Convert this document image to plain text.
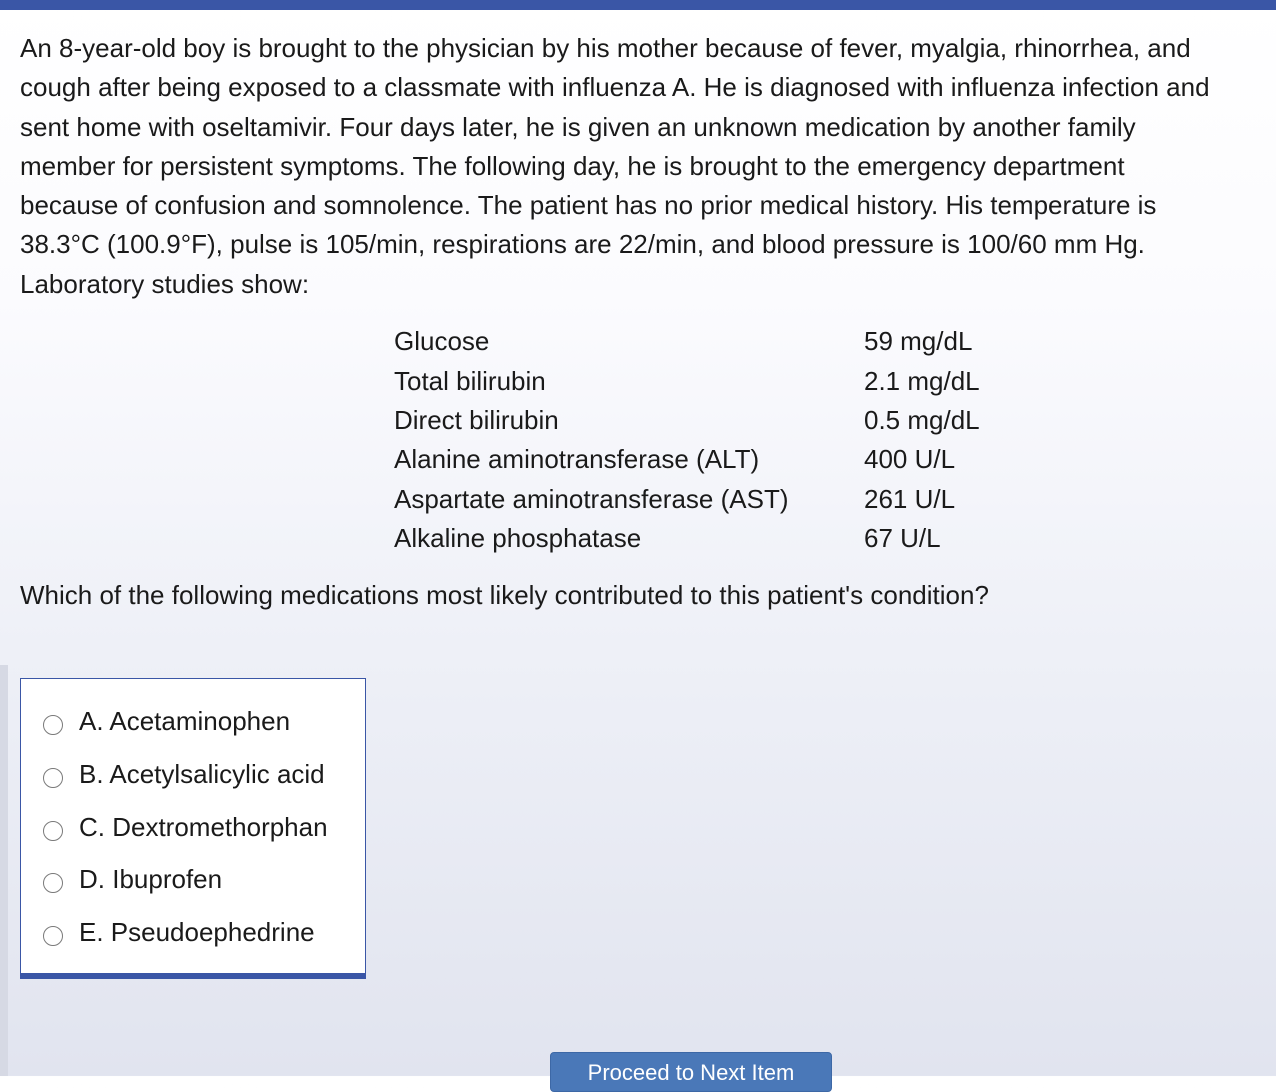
An 8-year-old boy is brought to the physician by his mother because of fever, myalgia, rhinorrhea, and cough after being exposed to a classmate with influenza A. He is diagnosed with influenza infection and sent home with oseltamivir. Four days later, he is given an unknown medication by another family member for persistent symptoms. The following day, he is brought to the emergency department because of confusion and somnolence. The patient has no prior medical history. His temperature is 38.3°C (100.9°F), pulse is 105/min, respirations are 22/min, and blood pressure is 100/60 mm Hg. Laboratory studies show:

Glucose	59 mg/dL
Total bilirubin	2.1 mg/dL
Direct bilirubin	0.5 mg/dL
Alanine aminotransferase (ALT)	400 U/L
Aspartate aminotransferase (AST)	261 U/L
Alkaline phosphatase	67 U/L

Which of the following medications most likely contributed to this patient's condition?

A. Acetaminophen
B. Acetylsalicylic acid
C. Dextromethorphan
D. Ibuprofen
E. Pseudoephedrine
Proceed to Next Item
